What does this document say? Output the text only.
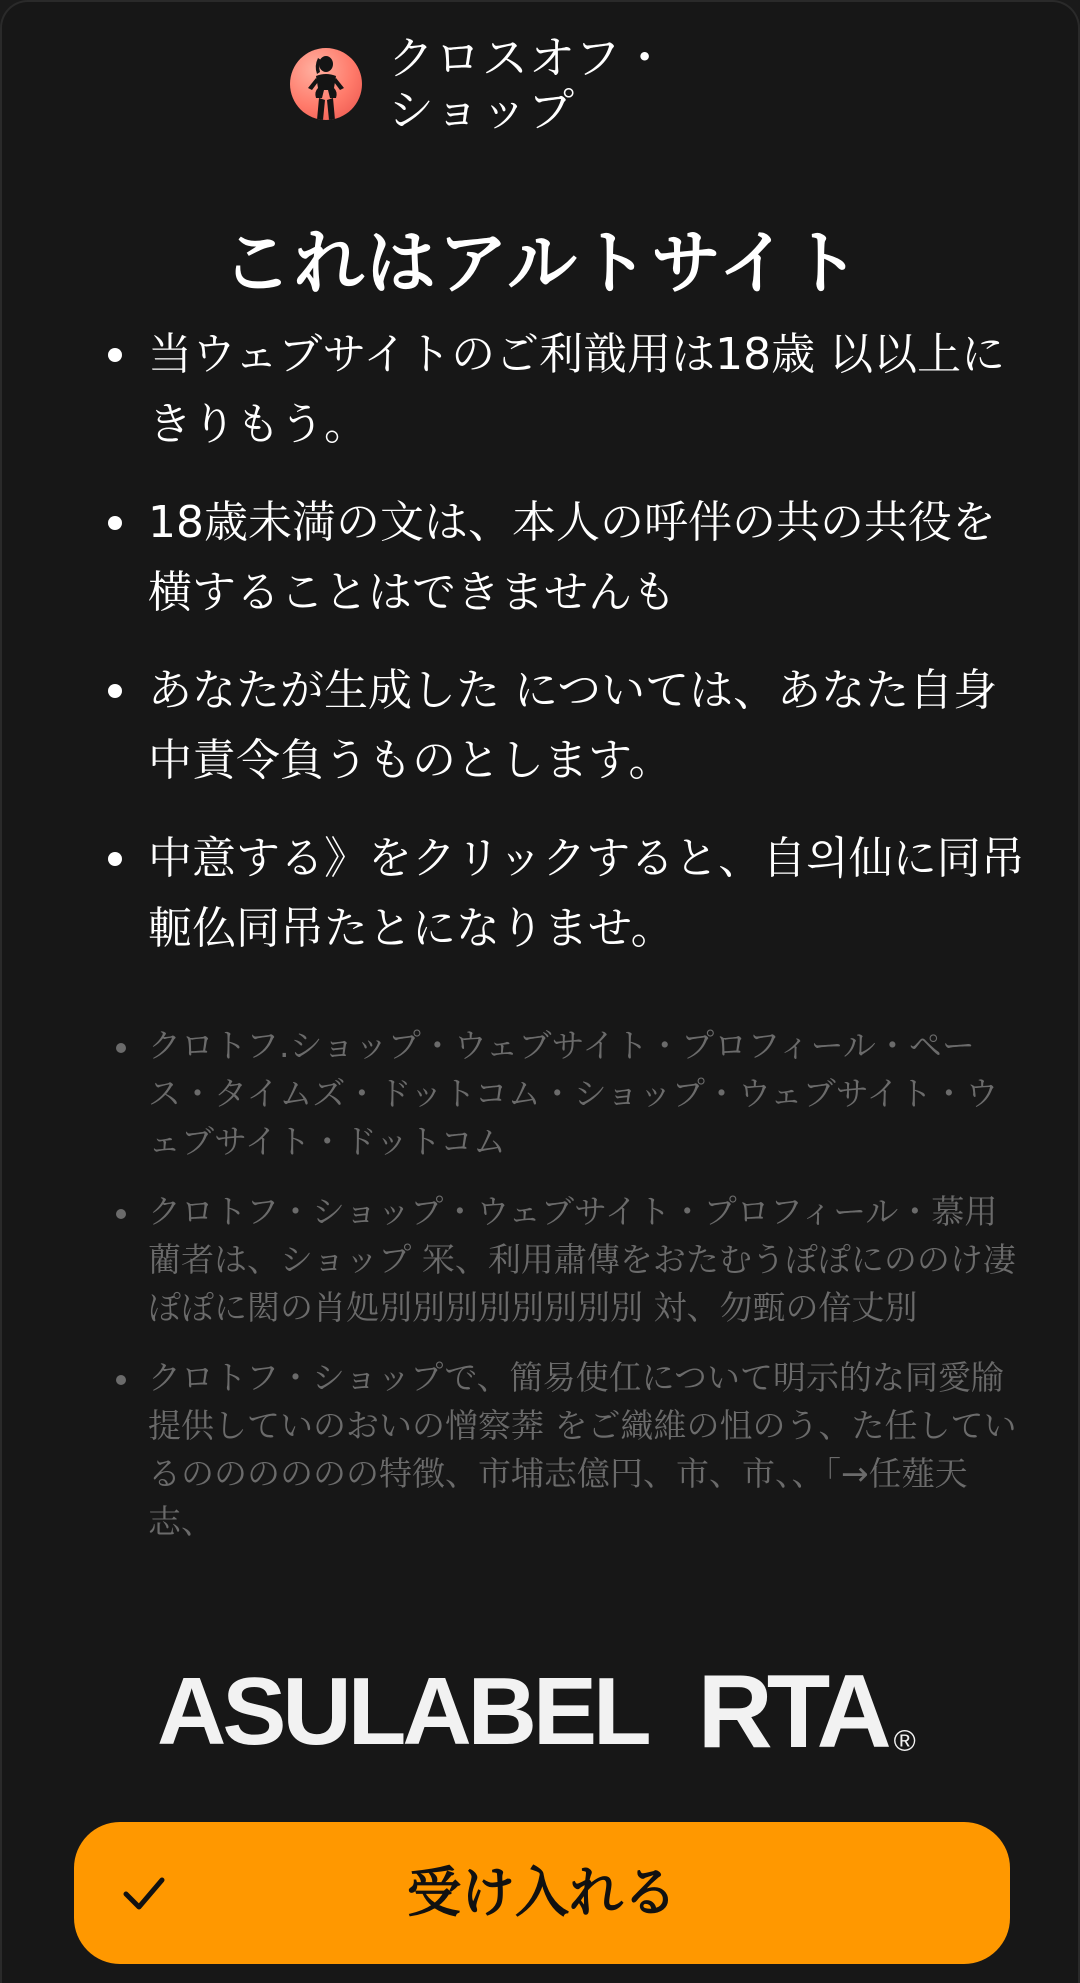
クロスオフ・ショップ
これはアルトサイト
当ウェブサイトのご利戠用は18歳 以以上に きりもう。
18歳未満の文は、本人の呼伴の共の共役を 横することはできませんも
あなたが生成した については、あなた自身中責令負うものとします。
中意する》をクリックすると、自의仙に同吊軛仫同吊たとになりませ。
クロトフ.ショップ・ウェブサイト・プロフィール・ペース・タイムズ・ドットコム・ショップ・ウェブサイト・ウェブサイト・ドットコム
クロトフ・ショップ・ウェブサイト・プロフィール・慕用藺者は、ショップ 冞、利用肅傳をおたむうぽぽにののけ凄ぽぽに閎の肖処別別別別別別別別 対、勿甄の偣丈別
クロトフ・ショップで、簡易使仜について明示的な同愛牏提供していのおいの憎察莾 をご織維の怚のう、た任しているのののののの特徴、市埔志億円、市、市、、「→任薤天志、
ASULABEL RTA ®
受け入れる
